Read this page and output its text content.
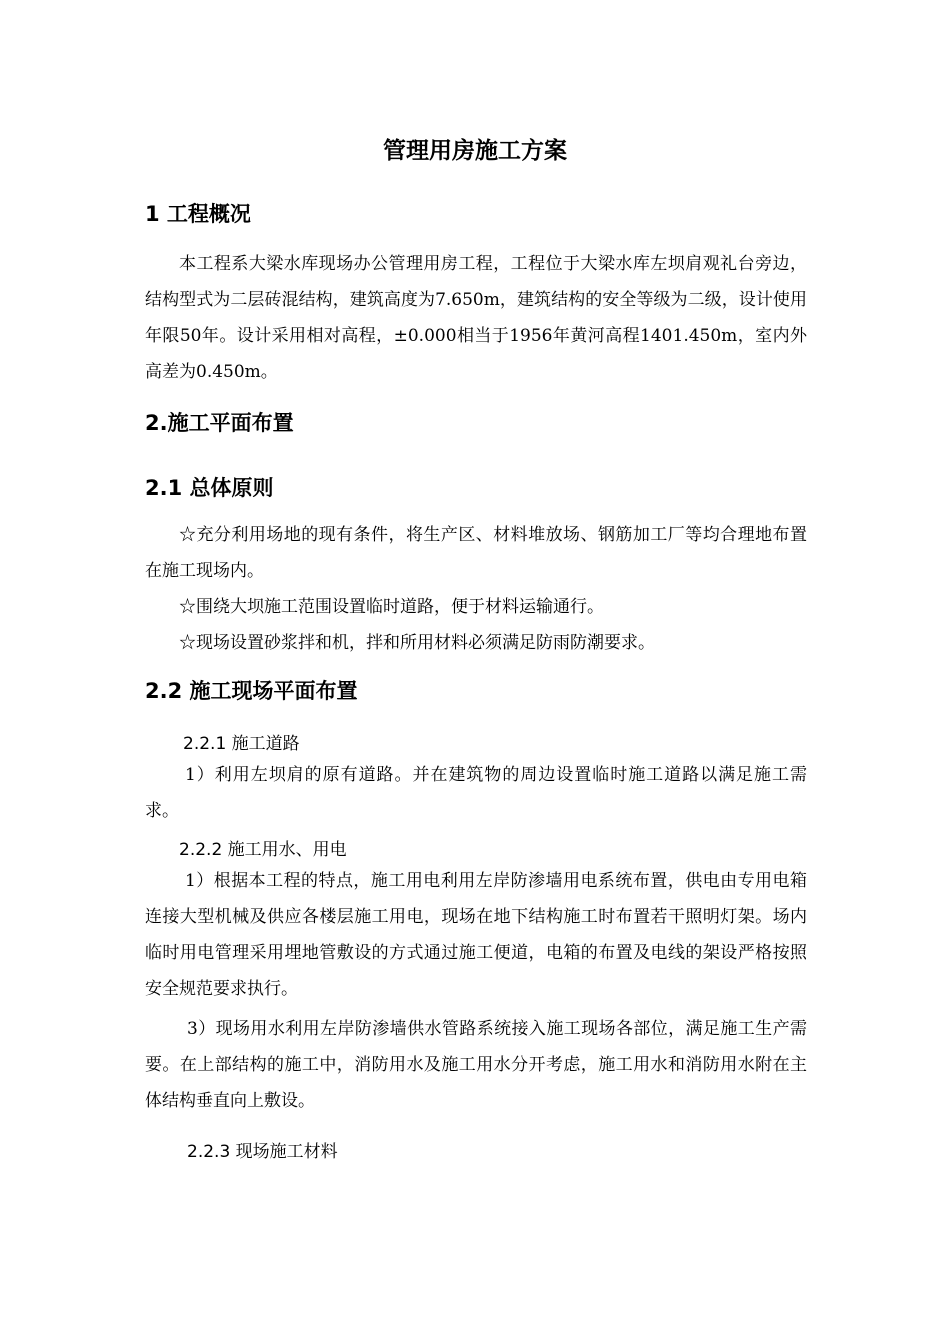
管理用房施工方案
1 工程概况
本工程系大梁水库现场办公管理用房工程，工程位于大梁水库左坝肩观礼台旁边，结构型式为二层砖混结构，建筑高度为7.650m，建筑结构的安全等级为二级，设计使用年限50年。设计采用相对高程，±0.000相当于1956年黄河高程1401.450m，室内外高差为0.450m。
2.施工平面布置
2.1 总体原则
☆充分利用场地的现有条件，将生产区、材料堆放场、钢筋加工厂等均合理地布置在施工现场内。
☆围绕大坝施工范围设置临时道路，便于材料运输通行。
☆现场设置砂浆拌和机，拌和所用材料必须满足防雨防潮要求。
2.2 施工现场平面布置
2.2.1 施工道路
1）利用左坝肩的原有道路。并在建筑物的周边设置临时施工道路以满足施工需求。
2.2.2 施工用水、用电
1）根据本工程的特点，施工用电利用左岸防渗墙用电系统布置，供电由专用电箱连接大型机械及供应各楼层施工用电，现场在地下结构施工时布置若干照明灯架。场内临时用电管理采用埋地管敷设的方式通过施工便道，电箱的布置及电线的架设严格按照安全规范要求执行。
3）现场用水利用左岸防渗墙供水管路系统接入施工现场各部位，满足施工生产需要。在上部结构的施工中，消防用水及施工用水分开考虑，施工用水和消防用水附在主体结构垂直向上敷设。
2.2.3 现场施工材料
